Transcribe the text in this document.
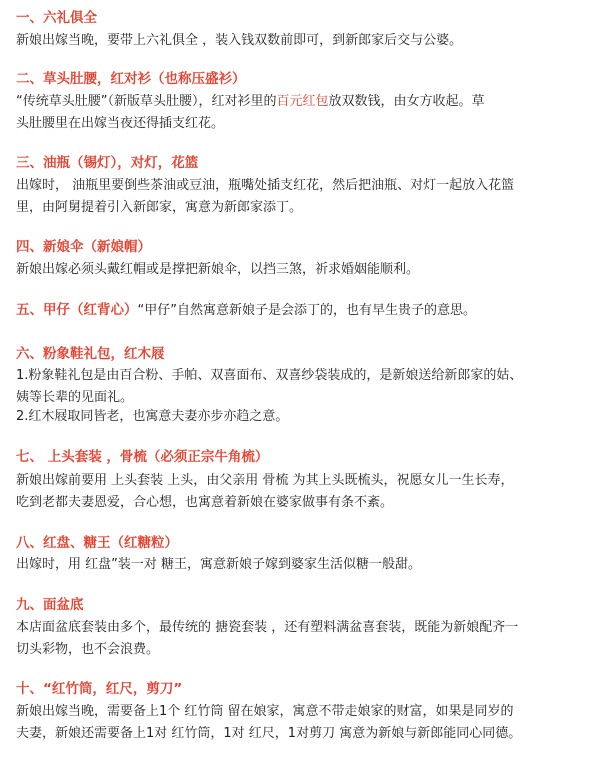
一、六礼俱全

新娘出嫁当晚，要带上六礼俱全 ，装入钱双数前即可，到新郎家后交与公婆。

二、草头肚腰，红对衫（也称压盛衫）

“传统草头肚腰”（新版草头肚腰），红对衫里的百元红包放双数钱，由女方收起。草

头肚腰里在出嫁当夜还得插支红花。

三、油瓶（锡灯），对灯，花篮

出嫁时， 油瓶里要倒些茶油或豆油，瓶嘴处插支红花，然后把油瓶、对灯一起放入花篮

里，由阿舅提着引入新郎家，寓意为新郎家添丁。

四、新娘伞（新娘帽）

新娘出嫁必须头戴红帽或是撑把新娘伞，以挡三煞，祈求婚姻能顺利。

五、甲仔（红背心）“甲仔”自然寓意新娘子是会添丁的，也有早生贵子的意思。

六、粉象鞋礼包，红木屐

1.粉象鞋礼包是由百合粉、手帕、双喜面布、双喜纱袋装成的，是新娘送给新郎家的姑、

姨等长辈的见面礼。

2.红木屐取同皆老，也寓意夫妻亦步亦趋之意。

七、 上头套装 ，骨梳（必须正宗牛角梳）

新娘出嫁前要用 上头套装 上头，由父亲用 骨梳 为其上头既梳头，祝愿女儿一生长寿，

吃到老都夫妻恩爱，合心想，也寓意着新娘在婆家做事有条不紊。

八、红盘、糖王（红糖粒）

出嫁时，用 红盘”装一对 糖王，寓意新娘子嫁到婆家生活似糖一般甜。

九、面盆底

本店面盆底套装由多个，最传统的 搪瓷套装 ，还有塑料满盆喜套装，既能为新娘配齐一

切头彩物，也不会浪费。

十、“红竹筒，红尺，剪刀”

新娘出嫁当晚，需要备上1个 红竹筒 留在娘家，寓意不带走娘家的财富，如果是同岁的

夫妻，新娘还需要备上1对 红竹筒，1对 红尺，1对剪刀 寓意为新娘与新郎能同心同德。
